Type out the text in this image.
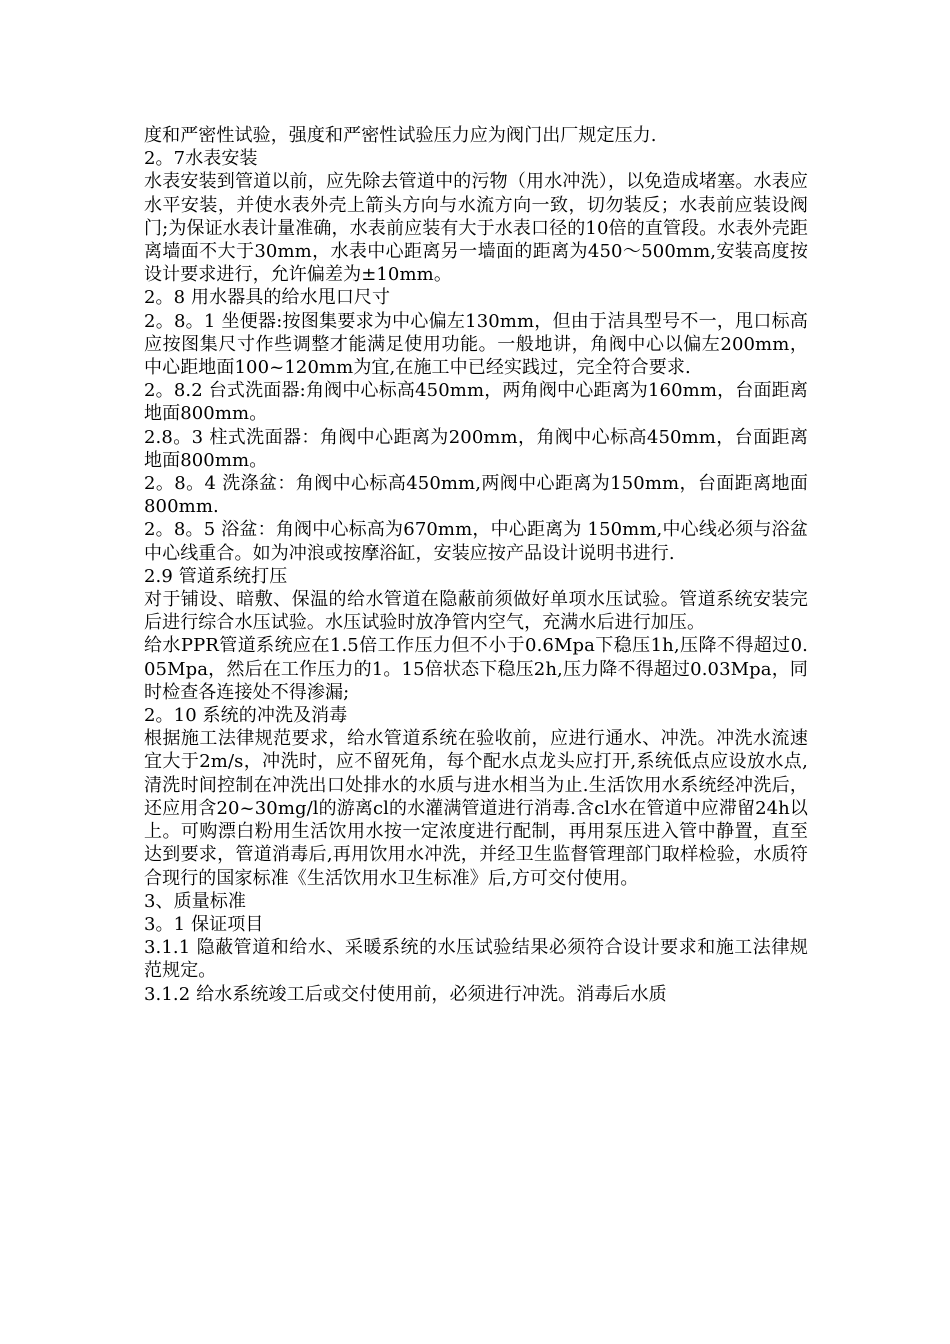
度和严密性试验，强度和严密性试验压力应为阀门出厂规定压力.

2。7水表安装

水表安装到管道以前，应先除去管道中的污物（用水冲洗），以免造成堵塞。水表应水平安装，并使水表外壳上箭头方向与水流方向一致，切勿装反；水表前应装设阀门;为保证水表计量准确，水表前应装有大于水表口径的10倍的直管段。水表外壳距离墙面不大于30mm，水表中心距离另一墙面的距离为450～500mm,安装高度按设计要求进行，允许偏差为±10mm。

2。8 用水器具的给水甩口尺寸

2。8。1 坐便器:按图集要求为中心偏左130mm，但由于洁具型号不一，甩口标高应按图集尺寸作些调整才能满足使用功能。一般地讲，角阀中心以偏左200mm，中心距地面100~120mm为宜,在施工中已经实践过，完全符合要求.

2。8.2 台式洗面器:角阀中心标高450mm，两角阀中心距离为160mm，台面距离地面800mm。

2.8。3 柱式洗面器：角阀中心距离为200mm，角阀中心标高450mm，台面距离地面800mm。

2。8。4 洗涤盆：角阀中心标高450mm,两阀中心距离为150mm，台面距离地面800mm.

2。8。5 浴盆：角阀中心标高为670mm，中心距离为 150mm,中心线必须与浴盆中心线重合。如为冲浪或按摩浴缸，安装应按产品设计说明书进行.

2.9 管道系统打压

对于铺设、暗敷、保温的给水管道在隐蔽前须做好单项水压试验。管道系统安装完后进行综合水压试验。水压试验时放净管内空气，充满水后进行加压。

给水PPR管道系统应在1.5倍工作压力但不小于0.6Mpa下稳压1h,压降不得超过0.05Mpa，然后在工作压力的1。15倍状态下稳压2h,压力降不得超过0.03Mpa，同时检查各连接处不得渗漏;

2。10 系统的冲洗及消毒

根据施工法律规范要求，给水管道系统在验收前，应进行通水、冲洗。冲洗水流速宜大于2m/s，冲洗时，应不留死角，每个配水点龙头应打开,系统低点应设放水点,清洗时间控制在冲洗出口处排水的水质与进水相当为止.生活饮用水系统经冲洗后，还应用含20~30mg/l的游离cl的水灌满管道进行消毒.含cl水在管道中应滞留24h以上。可购漂白粉用生活饮用水按一定浓度进行配制，再用泵压进入管中静置，直至达到要求，管道消毒后,再用饮用水冲洗，并经卫生监督管理部门取样检验，水质符合现行的国家标准《生活饮用水卫生标准》后,方可交付使用。

3、质量标准

3。1 保证项目

3.1.1 隐蔽管道和给水、采暖系统的水压试验结果必须符合设计要求和施工法律规范规定。

3.1.2 给水系统竣工后或交付使用前，必须进行冲洗。消毒后水质
